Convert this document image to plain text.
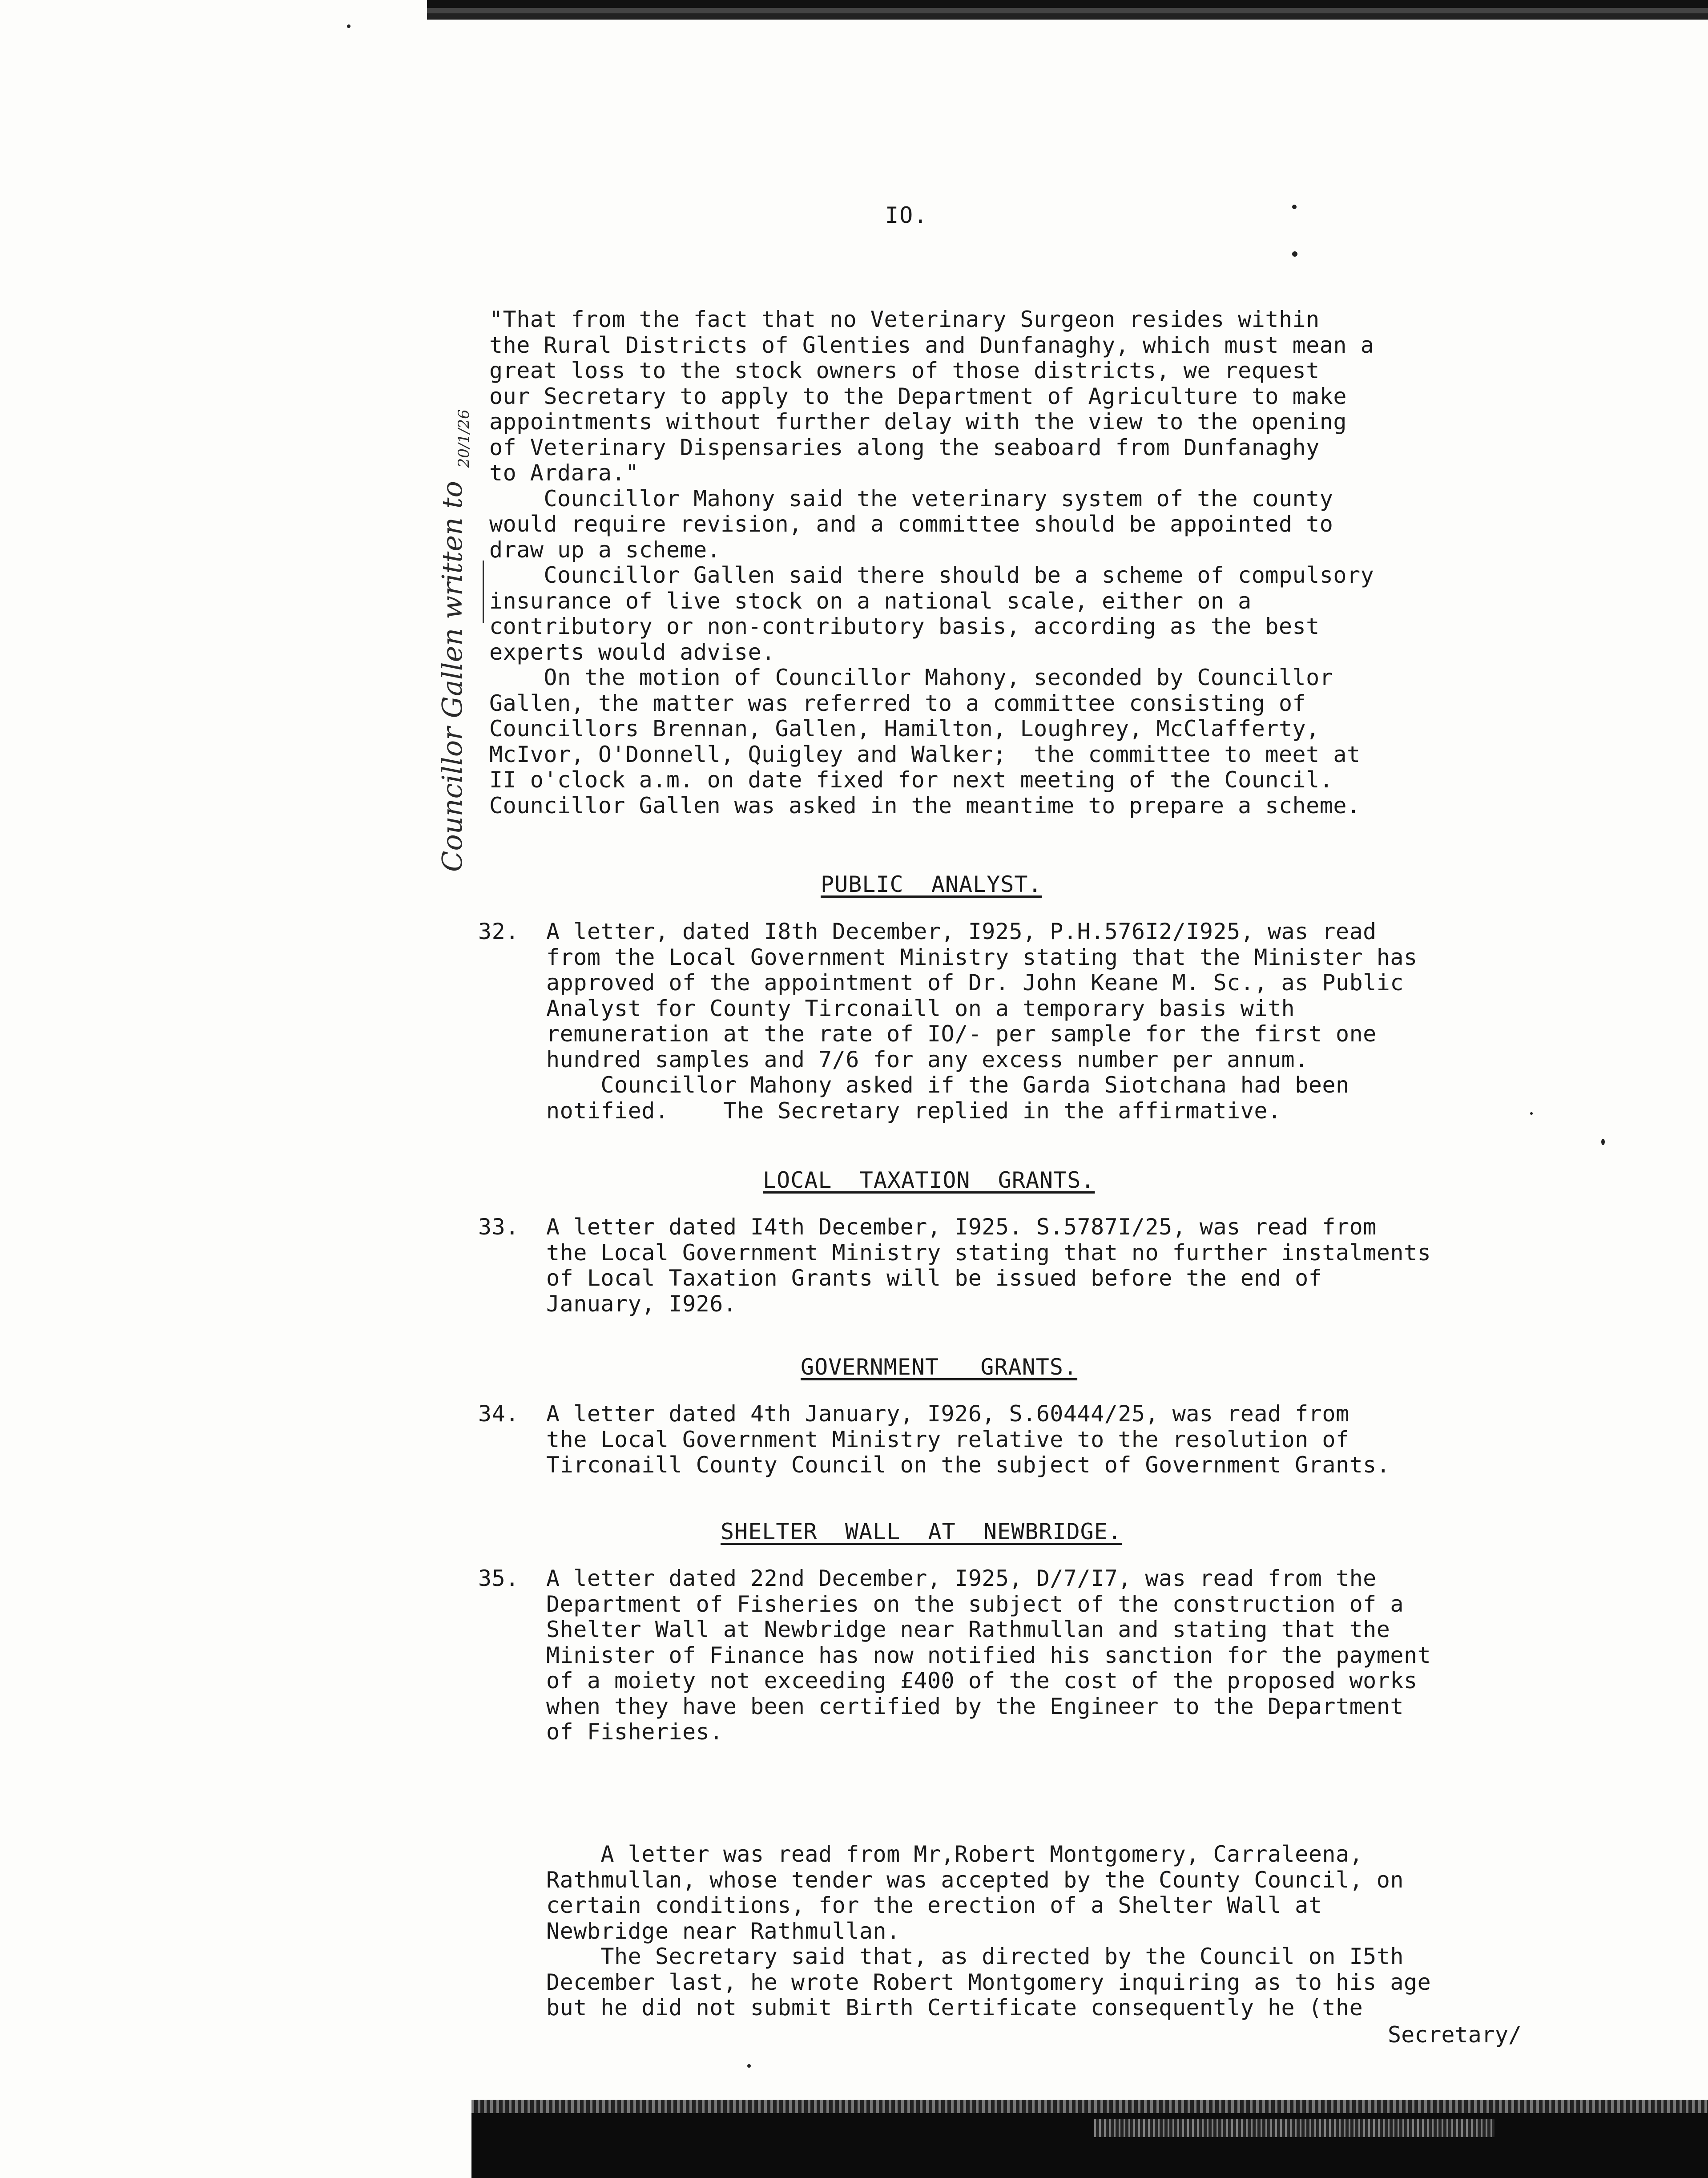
IO.
Councillor Gallen written to 20/1/26
"That from the fact that no Veterinary Surgeon resides within
the Rural Districts of Glenties and Dunfanaghy, which must mean a
great loss to the stock owners of those districts, we request
our Secretary to apply to the Department of Agriculture to make
appointments without further delay with the view to the opening
of Veterinary Dispensaries along the seaboard from Dunfanaghy
to Ardara."
Councillor Mahony said the veterinary system of the county
would require revision, and a committee should be appointed to
draw up a scheme.
Councillor Gallen said there should be a scheme of compulsory
insurance of live stock on a national scale, either on a
contributory or non-contributory basis, according as the best
experts would advise.
On the motion of Councillor Mahony, seconded by Councillor
Gallen, the matter was referred to a committee consisting of
Councillors Brennan, Gallen, Hamilton, Loughrey, McClafferty,
McIvor, O'Donnell, Quigley and Walker;  the committee to meet at
II o'clock a.m. on date fixed for next meeting of the Council.
Councillor Gallen was asked in the meantime to prepare a scheme.
PUBLIC  ANALYST.
32.  A letter, dated I8th December, I925, P.H.576I2/I925, was read
from the Local Government Ministry stating that the Minister has
approved of the appointment of Dr. John Keane M. Sc., as Public
Analyst for County Tirconaill on a temporary basis with
remuneration at the rate of IO/- per sample for the first one
hundred samples and 7/6 for any excess number per annum.
Councillor Mahony asked if the Garda Siotchana had been
notified.    The Secretary replied in the affirmative.
LOCAL  TAXATION  GRANTS.
33.  A letter dated I4th December, I925. S.5787I/25, was read from
the Local Government Ministry stating that no further instalments
of Local Taxation Grants will be issued before the end of
January, I926.
GOVERNMENT   GRANTS.
34.  A letter dated 4th January, I926, S.60444/25, was read from
the Local Government Ministry relative to the resolution of
Tirconaill County Council on the subject of Government Grants.
SHELTER  WALL  AT  NEWBRIDGE.
35.  A letter dated 22nd December, I925, D/7/I7, was read from the
Department of Fisheries on the subject of the construction of a
Shelter Wall at Newbridge near Rathmullan and stating that the
Minister of Finance has now notified his sanction for the payment
of a moiety not exceeding £400 of the cost of the proposed works
when they have been certified by the Engineer to the Department
of Fisheries.
A letter was read from Mr,Robert Montgomery, Carraleena,
Rathmullan, whose tender was accepted by the County Council, on
certain conditions, for the erection of a Shelter Wall at
Newbridge near Rathmullan.
The Secretary said that, as directed by the Council on I5th
December last, he wrote Robert Montgomery inquiring as to his age
but he did not submit Birth Certificate consequently he (the
Secretary/
